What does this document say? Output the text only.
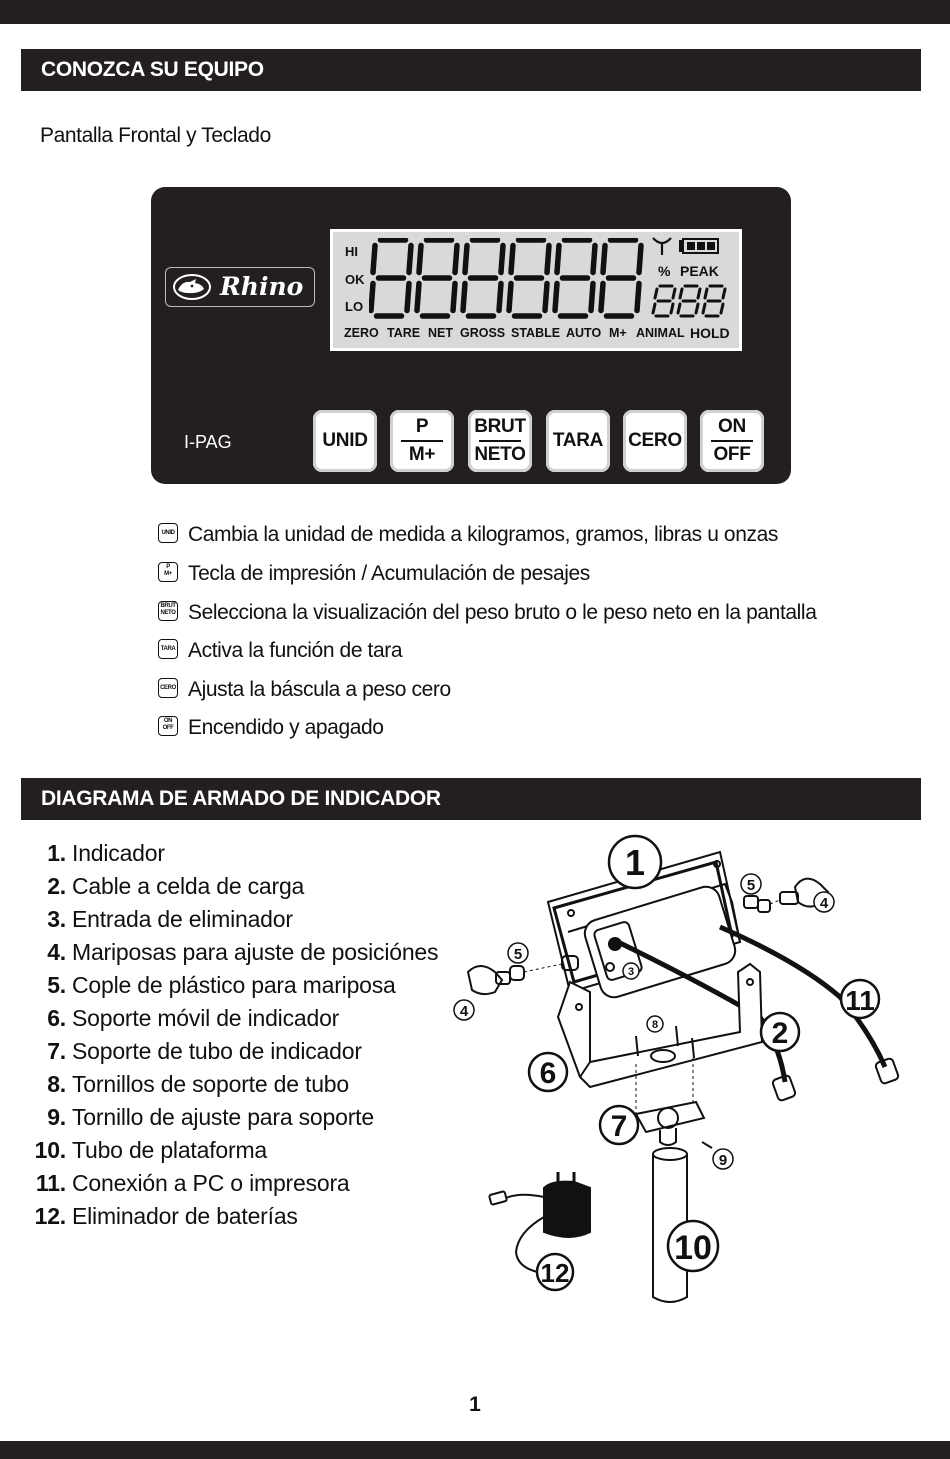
CONOZCA SU EQUIPO
Pantalla Frontal y Teclado
Rhino
I-PAG
HI
OK
LO
% PEAK
ZERO TARE NET GROSS STABLE AUTO M+ ANIMAL HOLD
UNID
P
M+
BRUT
NETO
TARA CERO
ON
OFF
UNID Cambia la unidad de medida a kilogramos, gramos, libras u onzas
P
M+ Tecla de impresión / Acumulación de pesajes
BRUT
NETO Selecciona la visualización del peso bruto o le peso neto en la pantalla
TARA Activa la función de tara
CERO Ajusta la báscula a peso cero
ON
OFF Encendido y apagado
DIAGRAMA DE ARMADO DE INDICADOR
1. Indicador
2. Cable a celda de carga
3. Entrada de eliminador
4. Mariposas para ajuste de posiciónes
5. Cople de plástico para mariposa
6. Soporte móvil de indicador
7. Soporte de tubo de indicador
8. Tornillos de soporte de tubo
9. Tornillo de ajuste para soporte
10. Tubo de plataforma
11. Conexión a PC o impresora
12. Eliminador de baterías
1
2
3
4
4
5
5
6
7
8
9
10
11
12
1
